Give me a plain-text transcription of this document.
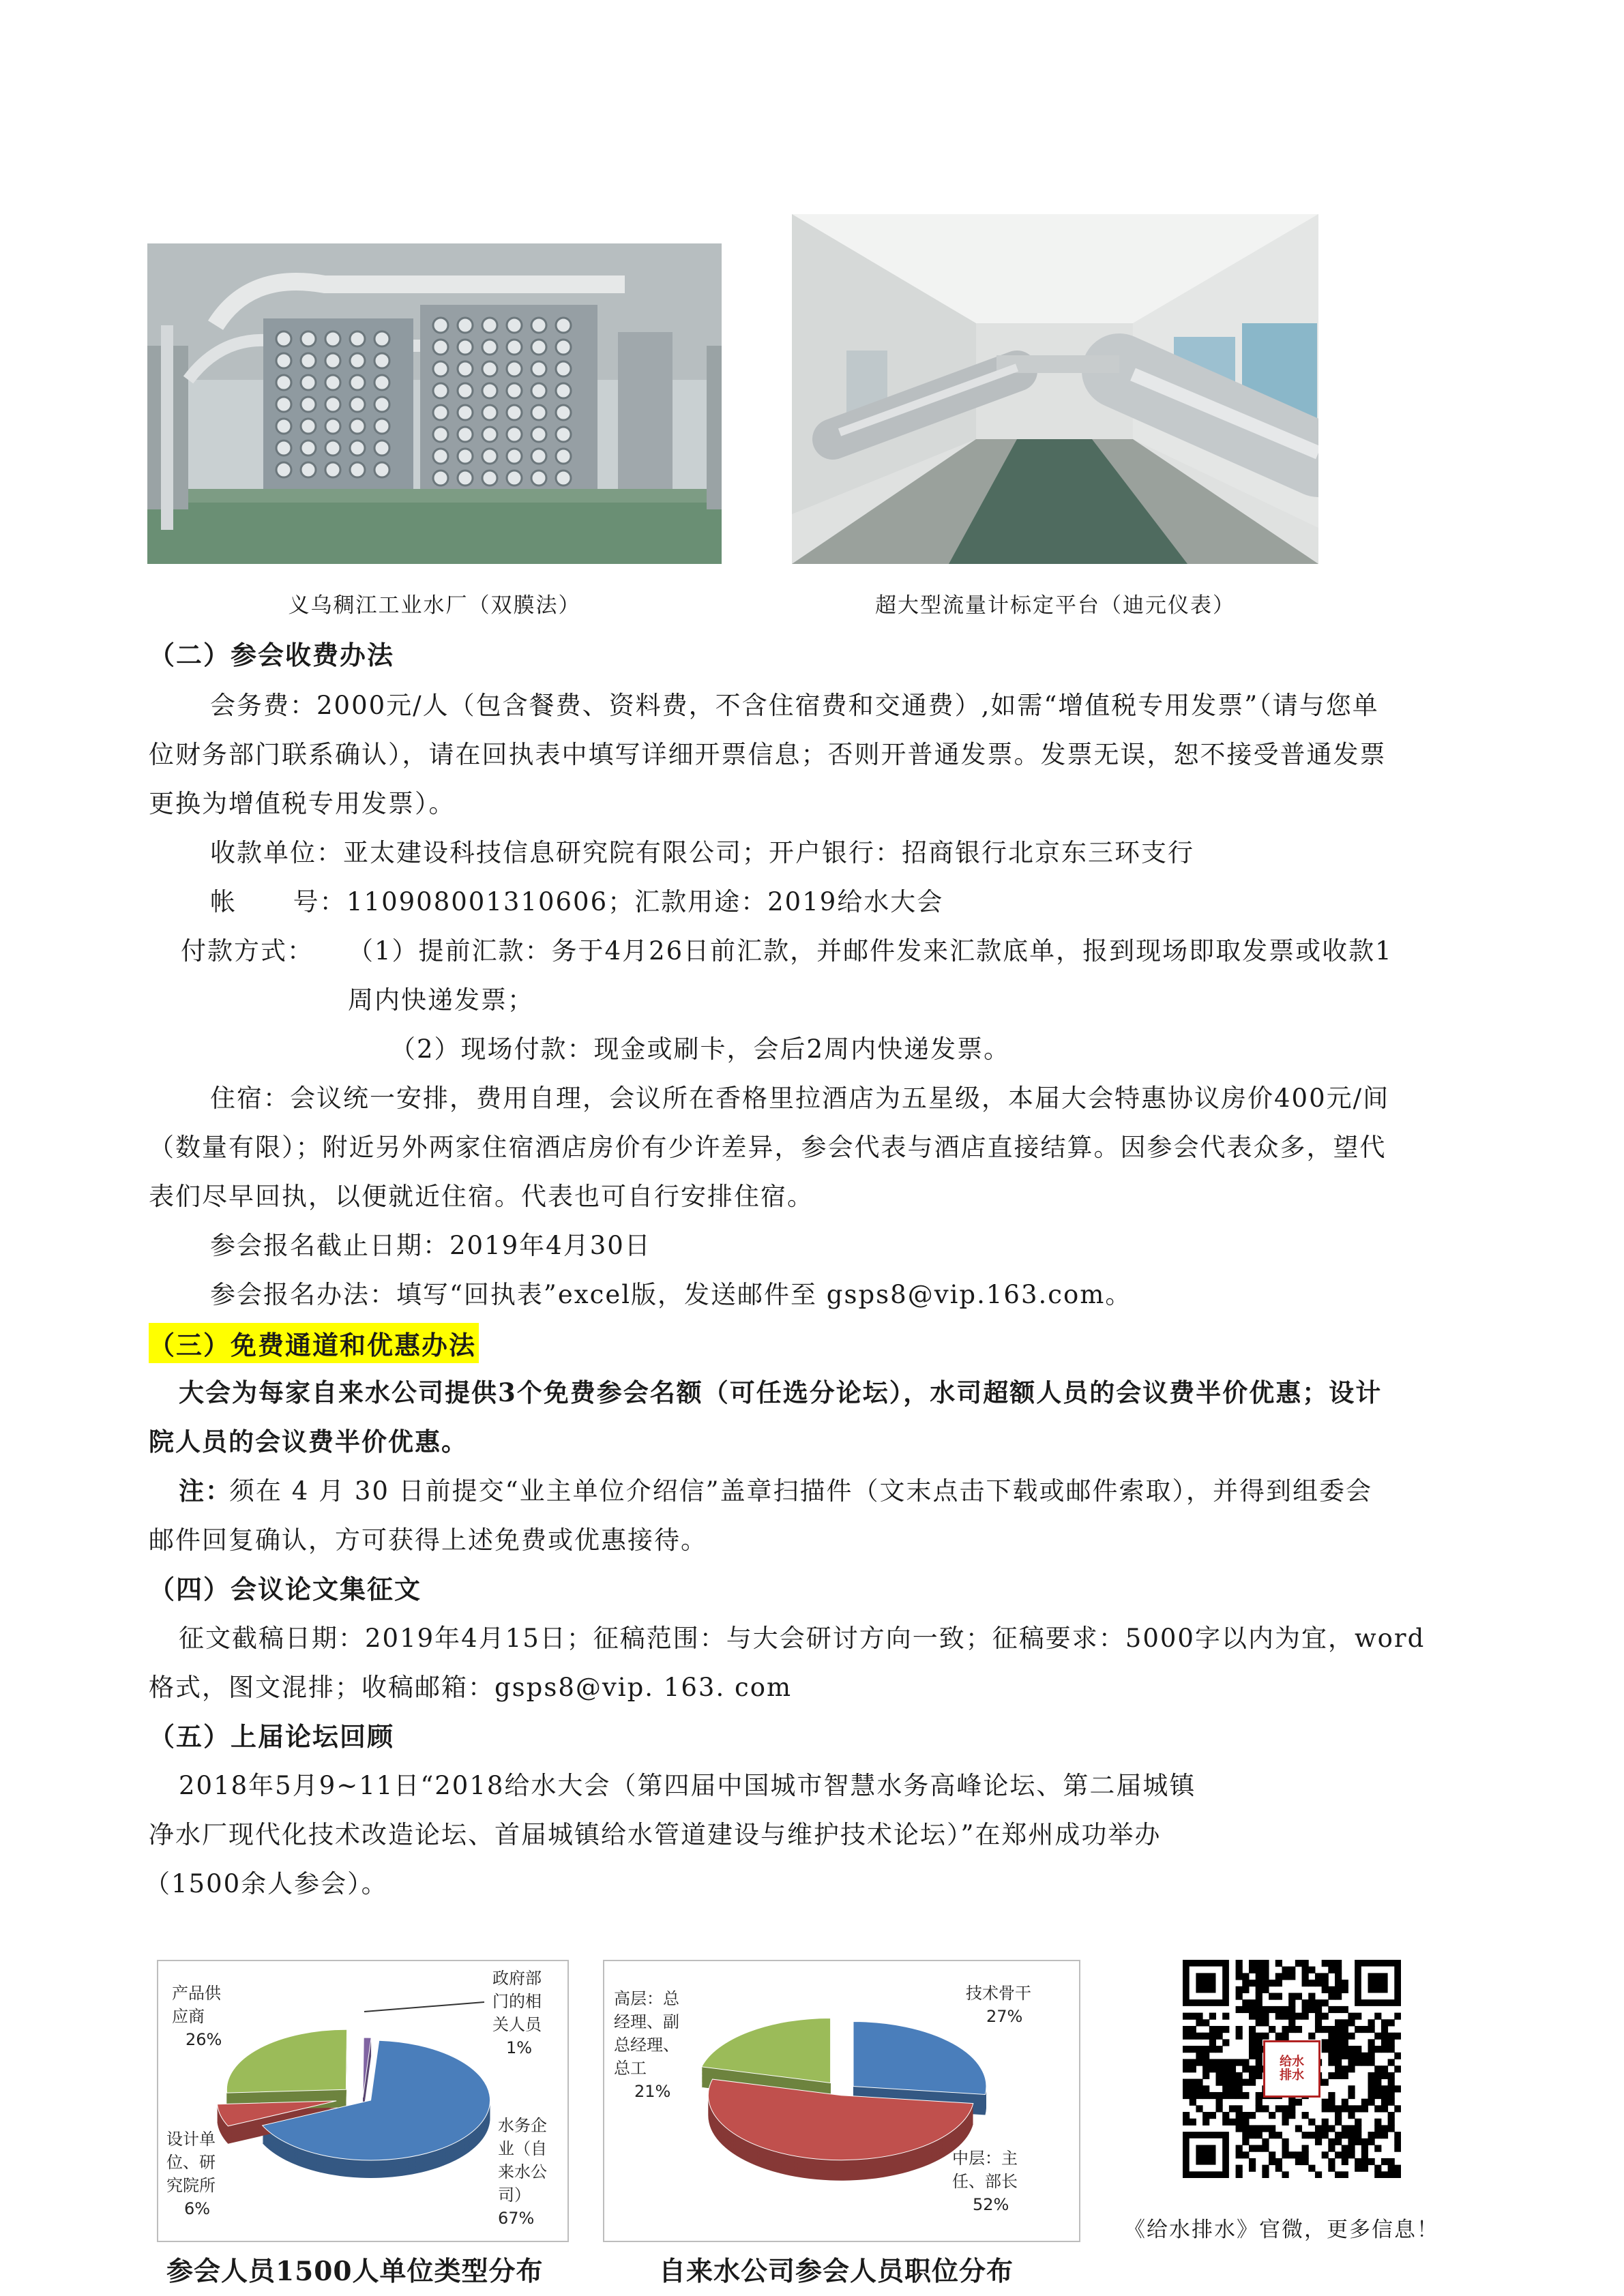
义乌稠江工业水厂（双膜法）	超大型流量计标定平台（迪元仪表）
（二）参会收费办法
会务费：2000元/人（包含餐费、资料费，不含住宿费和交通费）,如需“增值税专用发票”（请与您单
位财务部门联系确认），请在回执表中填写详细开票信息；否则开普通发票。发票无误，恕不接受普通发票
更换为增值税专用发票）。
收款单位：亚太建设科技信息研究院有限公司；开户银行：招商银行北京东三环支行
帐      号： 110908001310606；汇款用途：2019给水大会
付款方式： （1）提前汇款：务于4月26日前汇款，并邮件发来汇款底单，报到现场即取发票或收款1
周内快递发票；
（2）现场付款：现金或刷卡，会后2周内快递发票。
住宿：会议统一安排，费用自理，会议所在香格里拉酒店为五星级，本届大会特惠协议房价400元/间
（数量有限）；附近另外两家住宿酒店房价有少许差异，参会代表与酒店直接结算。因参会代表众多，望代
表们尽早回执，以便就近住宿。代表也可自行安排住宿。
参会报名截止日期：2019年4月30日
参会报名办法：填写“回执表”excel版，发送邮件至 gsps8@vip.163.com。
（三）免费通道和优惠办法
大会为每家自来水公司提供3个免费参会名额（可任选分论坛），水司超额人员的会议费半价优惠；设计
院人员的会议费半价优惠。
注：
须在 4 月 30 日前提交“业主单位介绍信”盖章扫描件（文末点击下载或邮件索取），并得到组委会
邮件回复确认，方可获得上述免费或优惠接待。
（四）会议论文集征文
征文截稿日期：2019年4月15日；征稿范围：与大会研讨方向一致；征稿要求：5000字以内为宜，word
格式，图文混排；收稿邮箱：gsps8@vip. 163. com
（五）上届论坛回顾
2018年5月9~11日“2018给水大会（第四届中国城市智慧水务高峰论坛、第二届城镇
净水厂现代化技术改造论坛、首届城镇给水管道建设与维护技术论坛）”在郑州成功举办
（1500余人参会）。
产品供
应商
26%
政府部
门的相
关人员
1%
设计单
位、研
究院所
6%
水务企
业（自
来水公
司）
67%
参会人员1500人单位类型分布
高层：总
经理、副
总经理、
总工
21%
技术骨干
27%
中层：主
任、部长
52%
自来水公司参会人员职位分布
给水排水
《给水排水》官微，更多信息！
